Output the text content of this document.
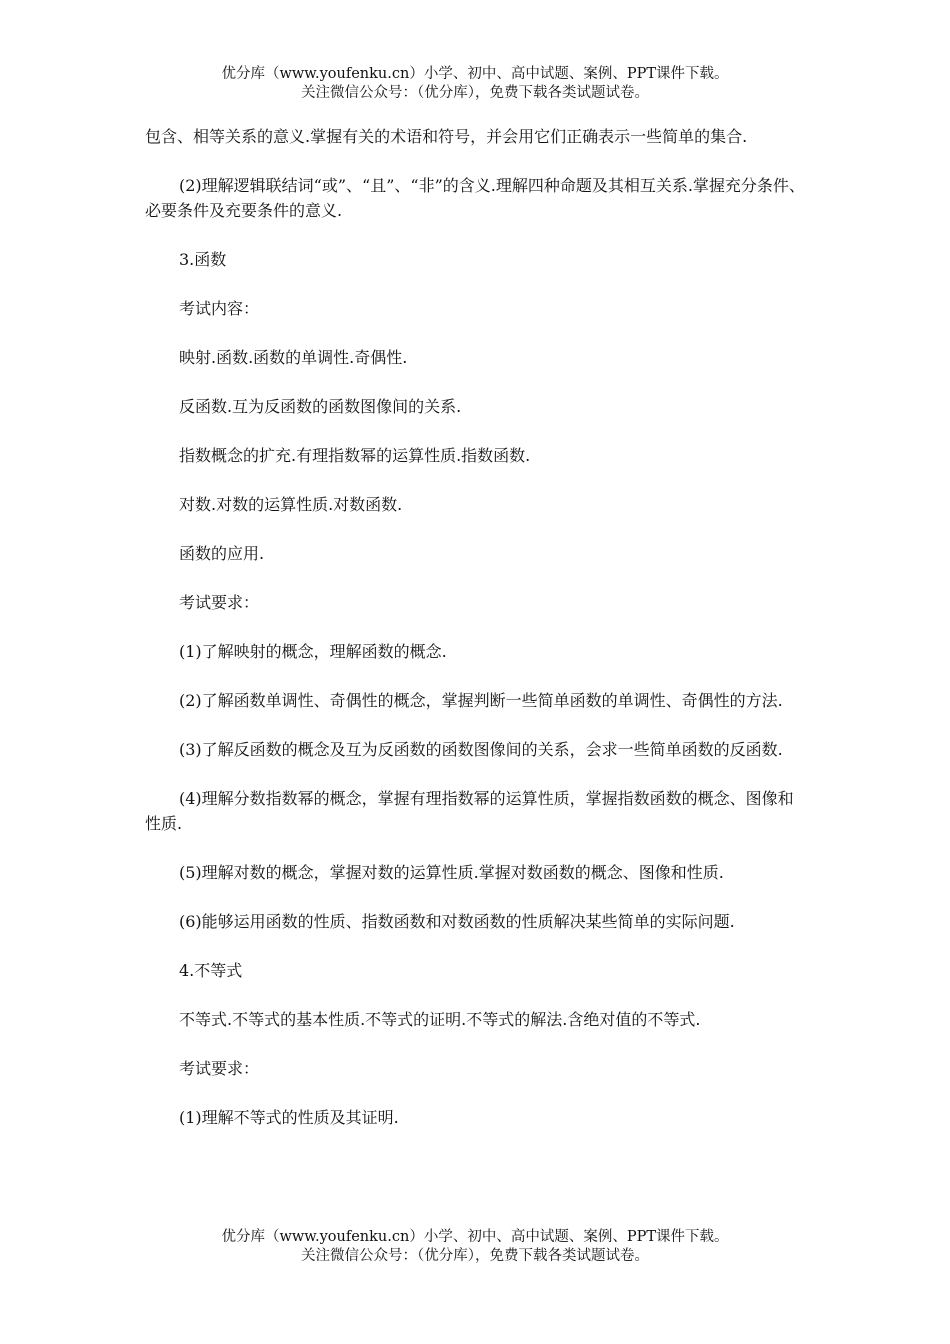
优分库（www.youfenku.cn）小学、初中、高中试题、案例、PPT课件下载。
关注微信公众号：（优分库），免费下载各类试题试卷。

包含、相等关系的意义.掌握有关的术语和符号，并会用它们正确表示一些简单的集合.

(2)理解逻辑联结词“或”、“且”、“非”的含义.理解四种命题及其相互关系.掌握充分条件、必要条件及充要条件的意义.

3.函数

考试内容：

映射.函数.函数的单调性.奇偶性.

反函数.互为反函数的函数图像间的关系.

指数概念的扩充.有理指数幂的运算性质.指数函数.

对数.对数的运算性质.对数函数.

函数的应用.

考试要求：

(1)了解映射的概念，理解函数的概念.

(2)了解函数单调性、奇偶性的概念，掌握判断一些简单函数的单调性、奇偶性的方法.

(3)了解反函数的概念及互为反函数的函数图像间的关系，会求一些简单函数的反函数.

(4)理解分数指数幂的概念，掌握有理指数幂的运算性质，掌握指数函数的概念、图像和性质.

(5)理解对数的概念，掌握对数的运算性质.掌握对数函数的概念、图像和性质.

(6)能够运用函数的性质、指数函数和对数函数的性质解决某些简单的实际问题.

4.不等式

不等式.不等式的基本性质.不等式的证明.不等式的解法.含绝对值的不等式.

考试要求：

(1)理解不等式的性质及其证明.

优分库（www.youfenku.cn）小学、初中、高中试题、案例、PPT课件下载。
关注微信公众号：（优分库），免费下载各类试题试卷。
